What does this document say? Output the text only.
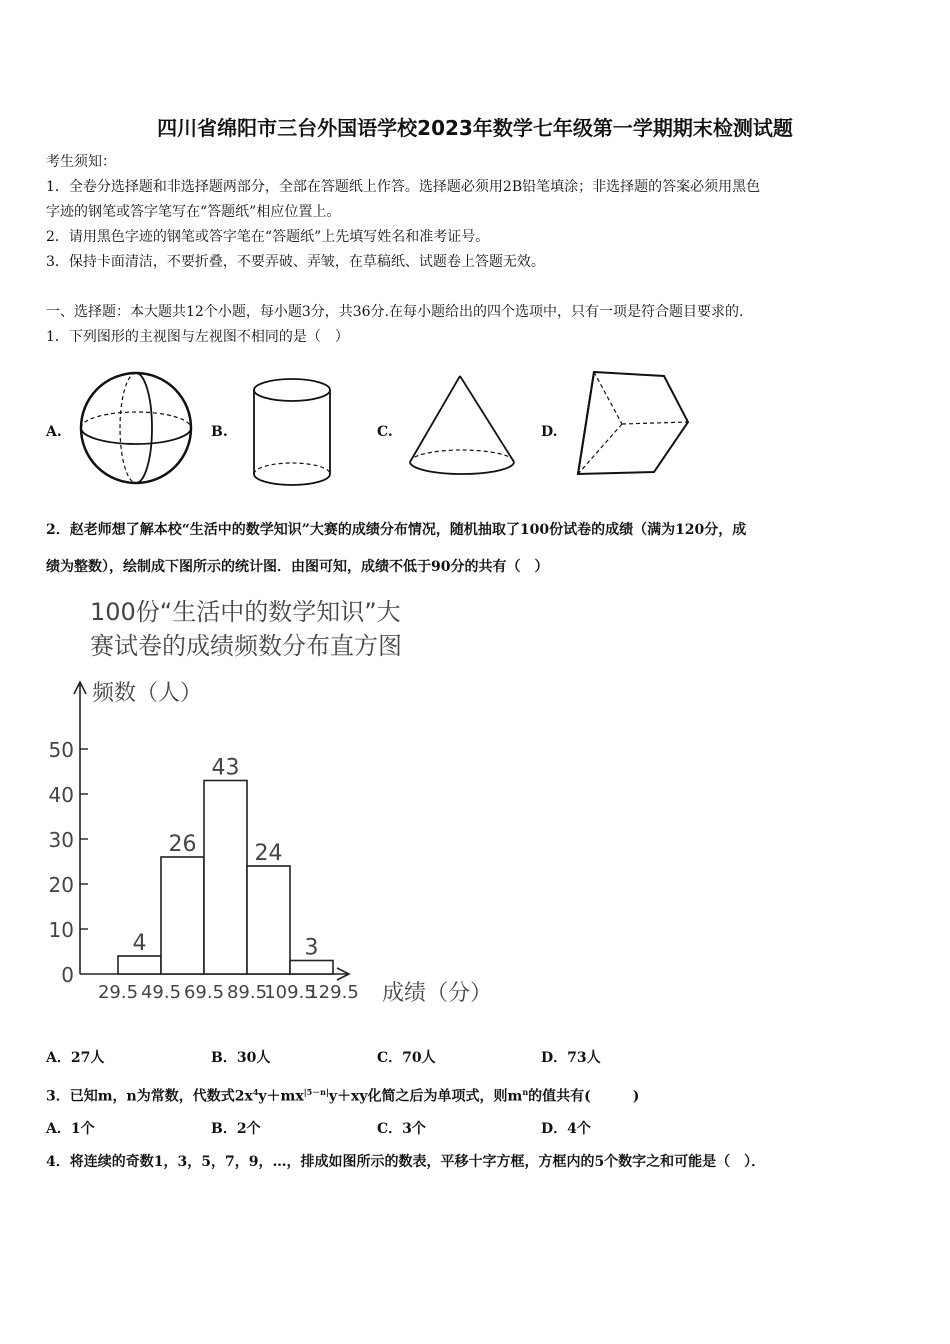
四川省绵阳市三台外国语学校2023年数学七年级第一学期期末检测试题
考生须知：
1．全卷分选择题和非选择题两部分，全部在答题纸上作答。选择题必须用2B铅笔填涂；非选择题的答案必须用黑色
字迹的钢笔或答字笔写在“答题纸”相应位置上。
2．请用黑色字迹的钢笔或答字笔在“答题纸”上先填写姓名和准考证号。
3．保持卡面清洁，不要折叠，不要弄破、弄皱，在草稿纸、试题卷上答题无效。
一、选择题：本大题共12个小题，每小题3分，共36分.在每小题给出的四个选项中，只有一项是符合题目要求的.
1．下列图形的主视图与左视图不相同的是（　）
A.	B.	C.	D.
2．赵老师想了解本校“生活中的数学知识”大赛的成绩分布情况，随机抽取了100份试卷的成绩（满为120分，成
绩为整数），绘制成下图所示的统计图．由图可知，成绩不低于90分的共有（　）
100份“生活中的数学知识”大
赛试卷的成绩频数分布直方图
频数（人）
成绩（分）
4
26
43
24
3
0
10
20
30
40
50
29.5 49.5 69.5 89.5
109.5
129.5
A．27人	B．30人	C．70人	D．73人
3．已知m，n为常数，代数式$2x^4y+mx^{|5-n|}y+xy$化简之后为单项式，则$m^n$的值共有(　　　)
A．1个	B．2个	C．3个	D．4个
4．将连续的奇数1，3，5，7，9，…，排成如图所示的数表，平移十字方框，方框内的5个数字之和可能是（　）．
